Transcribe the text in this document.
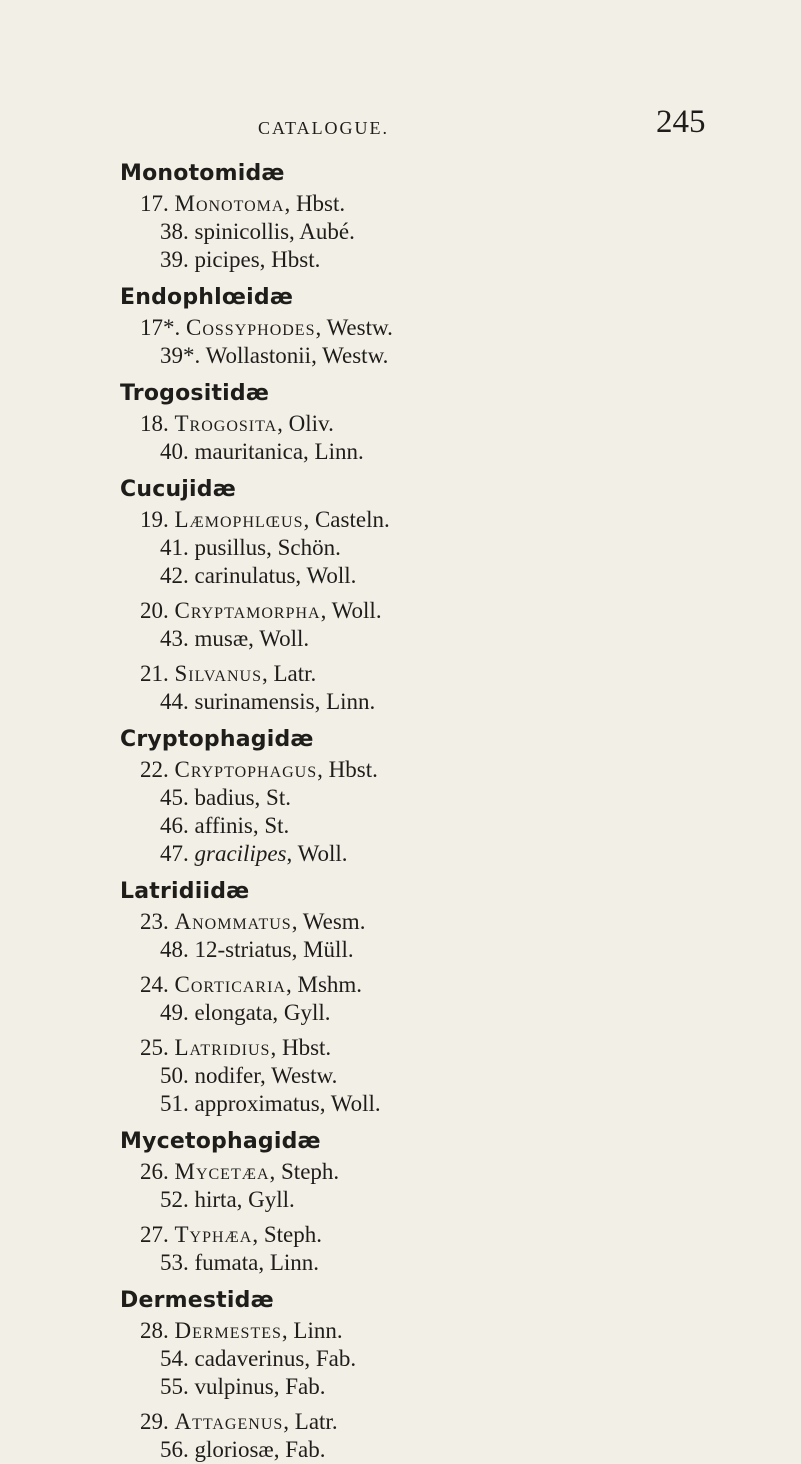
CATALOGUE.	245
Monotomidæ
17. Monotoma, Hbst.
38. spinicollis, Aubé.
39. picipes, Hbst.
Endophlœidæ
17*. Cossyphodes, Westw.
39*. Wollastonii, Westw.
Trogositidæ
18. Trogosita, Oliv.
40. mauritanica, Linn.
Cucujidæ
19. Læmophlœus, Casteln.
41. pusillus, Schön.
42. carinulatus, Woll.
20. Cryptamorpha, Woll.
43. musæ, Woll.
21. Silvanus, Latr.
44. surinamensis, Linn.
Cryptophagidæ
22. Cryptophagus, Hbst.
45. badius, St.
46. affinis, St.
47. gracilipes, Woll.
Latridiidæ
23. Anommatus, Wesm.
48. 12-striatus, Müll.
24. Corticaria, Mshm.
49. elongata, Gyll.
25. Latridius, Hbst.
50. nodifer, Westw.
51. approximatus, Woll.
Mycetophagidæ
26. Mycetæa, Steph.
52. hirta, Gyll.
27. Typhæa, Steph.
53. fumata, Linn.
Dermestidæ
28. Dermestes, Linn.
54. cadaverinus, Fab.
55. vulpinus, Fab.
29. Attagenus, Latr.
56. gloriosæ, Fab.
